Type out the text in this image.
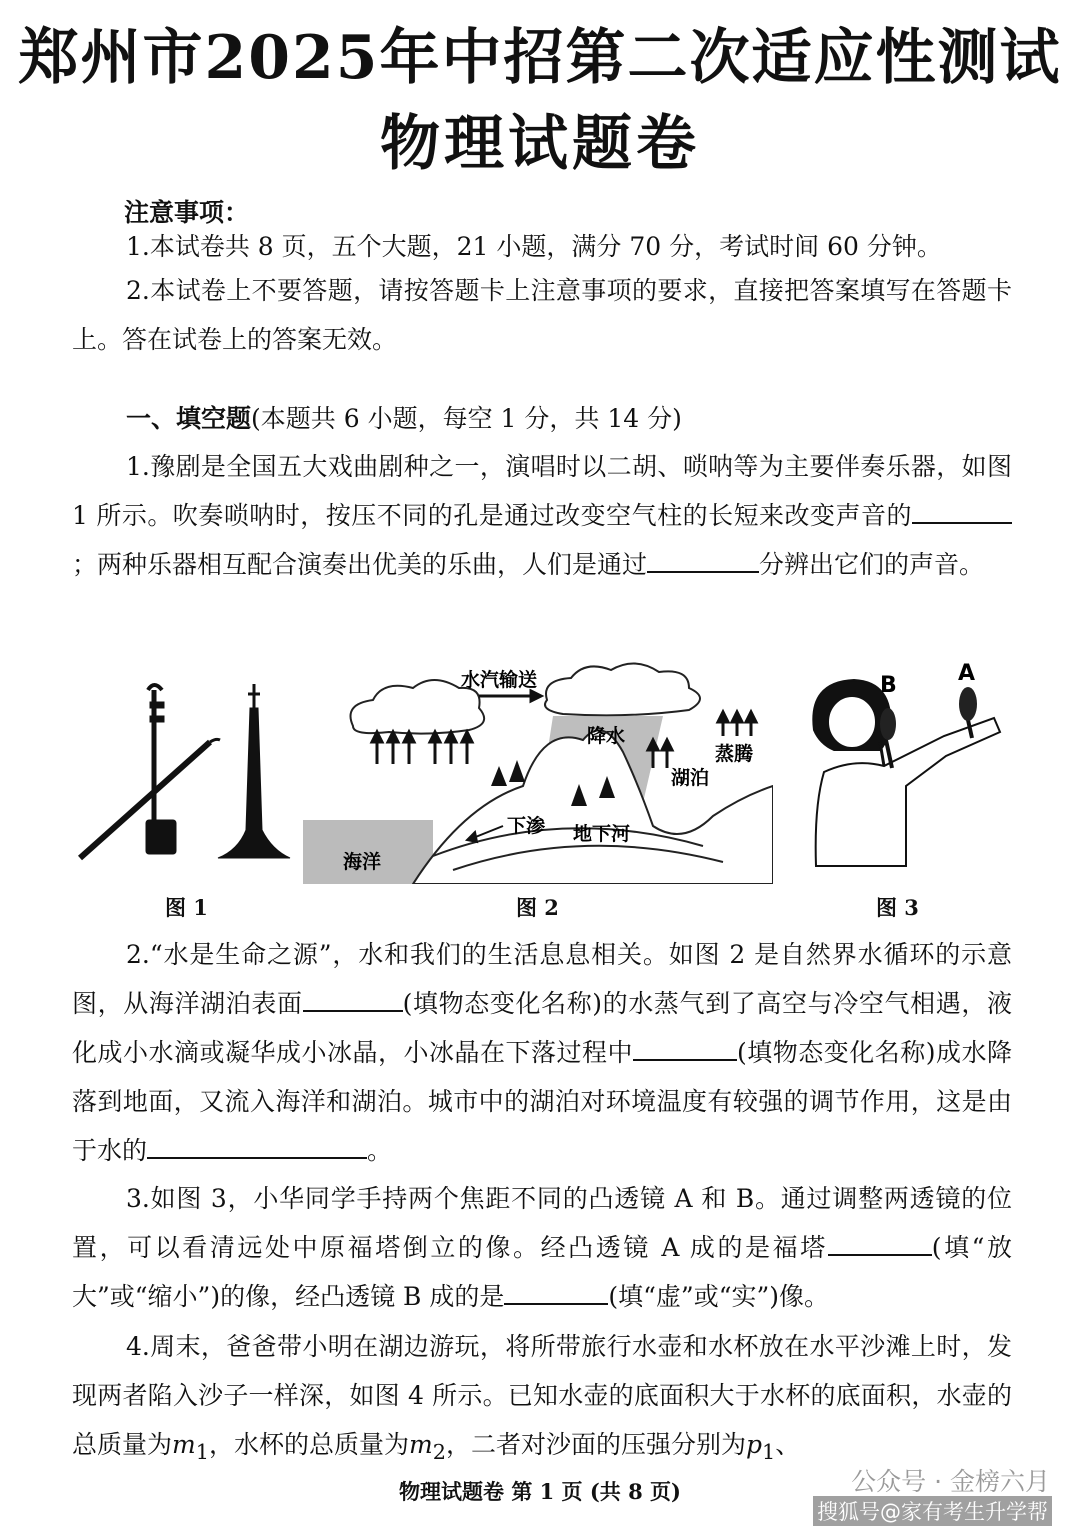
郑州市2025年中招第二次适应性测试
物理试题卷
注意事项：
1.本试卷共 8 页，五个大题，21 小题，满分 70 分，考试时间 60 分钟。
2.本试卷上不要答题，请按答题卡上注意事项的要求，直接把答案填写在答题卡上。答在试卷上的答案无效。
一、填空题(本题共 6 小题，每空 1 分，共 14 分)
1.豫剧是全国五大戏曲剧种之一，演唱时以二胡、唢呐等为主要伴奏乐器，如图 1 所示。吹奏唢呐时，按压不同的孔是通过改变空气柱的长短来改变声音的；两种乐器相互配合演奏出优美的乐曲，人们是通过	分辨出它们的声音。
图 1
水汽输送
降水
蒸腾
湖泊
下渗 地下河
海洋
图 2
B	A
图 3
2.“水是生命之源”，水和我们的生活息息相关。如图 2 是自然界水循环的示意图，从海洋湖泊表面	(填物态变化名称)的水蒸气到了高空与冷空气相遇，液化成小水滴或凝华成小冰晶，小冰晶在下落过程中	(填物态变化名称)成水降落到地面，又流入海洋和湖泊。城市中的湖泊对环境温度有较强的调节作用，这是由于水的	。
3.如图 3，小华同学手持两个焦距不同的凸透镜 A 和 B。通过调整两透镜的位置，可以看清远处中原福塔倒立的像。经凸透镜 A 成的是福塔	(填“放大”或“缩小”)的像，经凸透镜 B 成的是	(填“虚”或“实”)像。
4.周末，爸爸带小明在湖边游玩，将所带旅行水壶和水杯放在水平沙滩上时，发现两者陷入沙子一样深，如图 4 所示。已知水壶的底面积大于水杯的底面积，水壶的总质量为$m_1$，水杯的总质量为$m_2$，二者对沙面的压强分别为$p_1$、
物理试题卷 第 1 页 (共 8 页)	公众号 · 金榜六月
搜狐号@家有考生升学帮
